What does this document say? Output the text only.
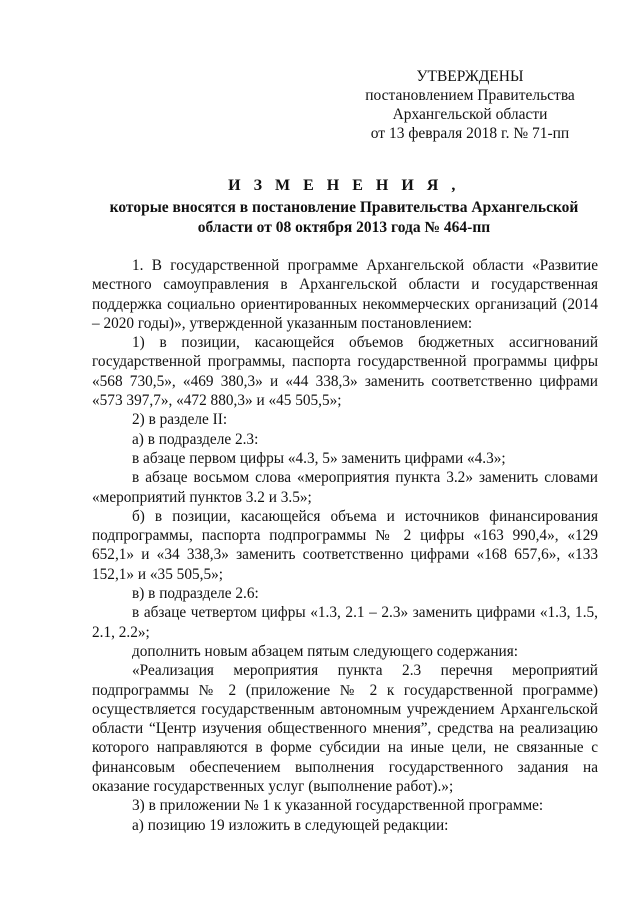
УТВЕРЖДЕНЫ
постановлением Правительства
Архангельской области
от 13 февраля 2018 г. № 71-пп
И З М Е Н Е Н И Я ,
которые вносятся в постановление Правительства Архангельской
области от 08 октября 2013 года № 464-пп

1. В государственной программе Архангельской области «Развитие местного самоуправления в Архангельской области и государственная поддержка социально ориентированных некоммерческих организаций (2014 – 2020 годы)», утвержденной указанным постановлением:

1) в позиции, касающейся объемов бюджетных ассигнований государственной программы, паспорта государственной программы цифры «568 730,5», «469 380,3» и «44 338,3» заменить соответственно цифрами «573 397,7», «472 880,3» и «45 505,5»;

2) в разделе II:

а) в подразделе 2.3:

в абзаце первом цифры «4.3, 5» заменить цифрами «4.3»;

в абзаце восьмом слова «мероприятия пункта 3.2» заменить словами «мероприятий пунктов 3.2 и 3.5»;

б) в позиции, касающейся объема и источников финансирования подпрограммы, паспорта подпрограммы № 2 цифры «163 990,4», «129 652,1» и «34 338,3» заменить соответственно цифрами «168 657,6», «133 152,1» и «35 505,5»;

в) в подразделе 2.6:

в абзаце четвертом цифры «1.3, 2.1 – 2.3» заменить цифрами «1.3, 1.5, 2.1, 2.2»;

дополнить новым абзацем пятым следующего содержания:

«Реализация мероприятия пункта 2.3 перечня мероприятий подпрограммы № 2 (приложение № 2 к государственной программе) осуществляется государственным автономным учреждением Архангельской области “Центр изучения общественного мнения”, средства на реализацию которого направляются в форме субсидии на иные цели, не связанные с финансовым обеспечением выполнения государственного задания на оказание государственных услуг (выполнение работ).»;

3) в приложении № 1 к указанной государственной программе:

а) позицию 19 изложить в следующей редакции:
